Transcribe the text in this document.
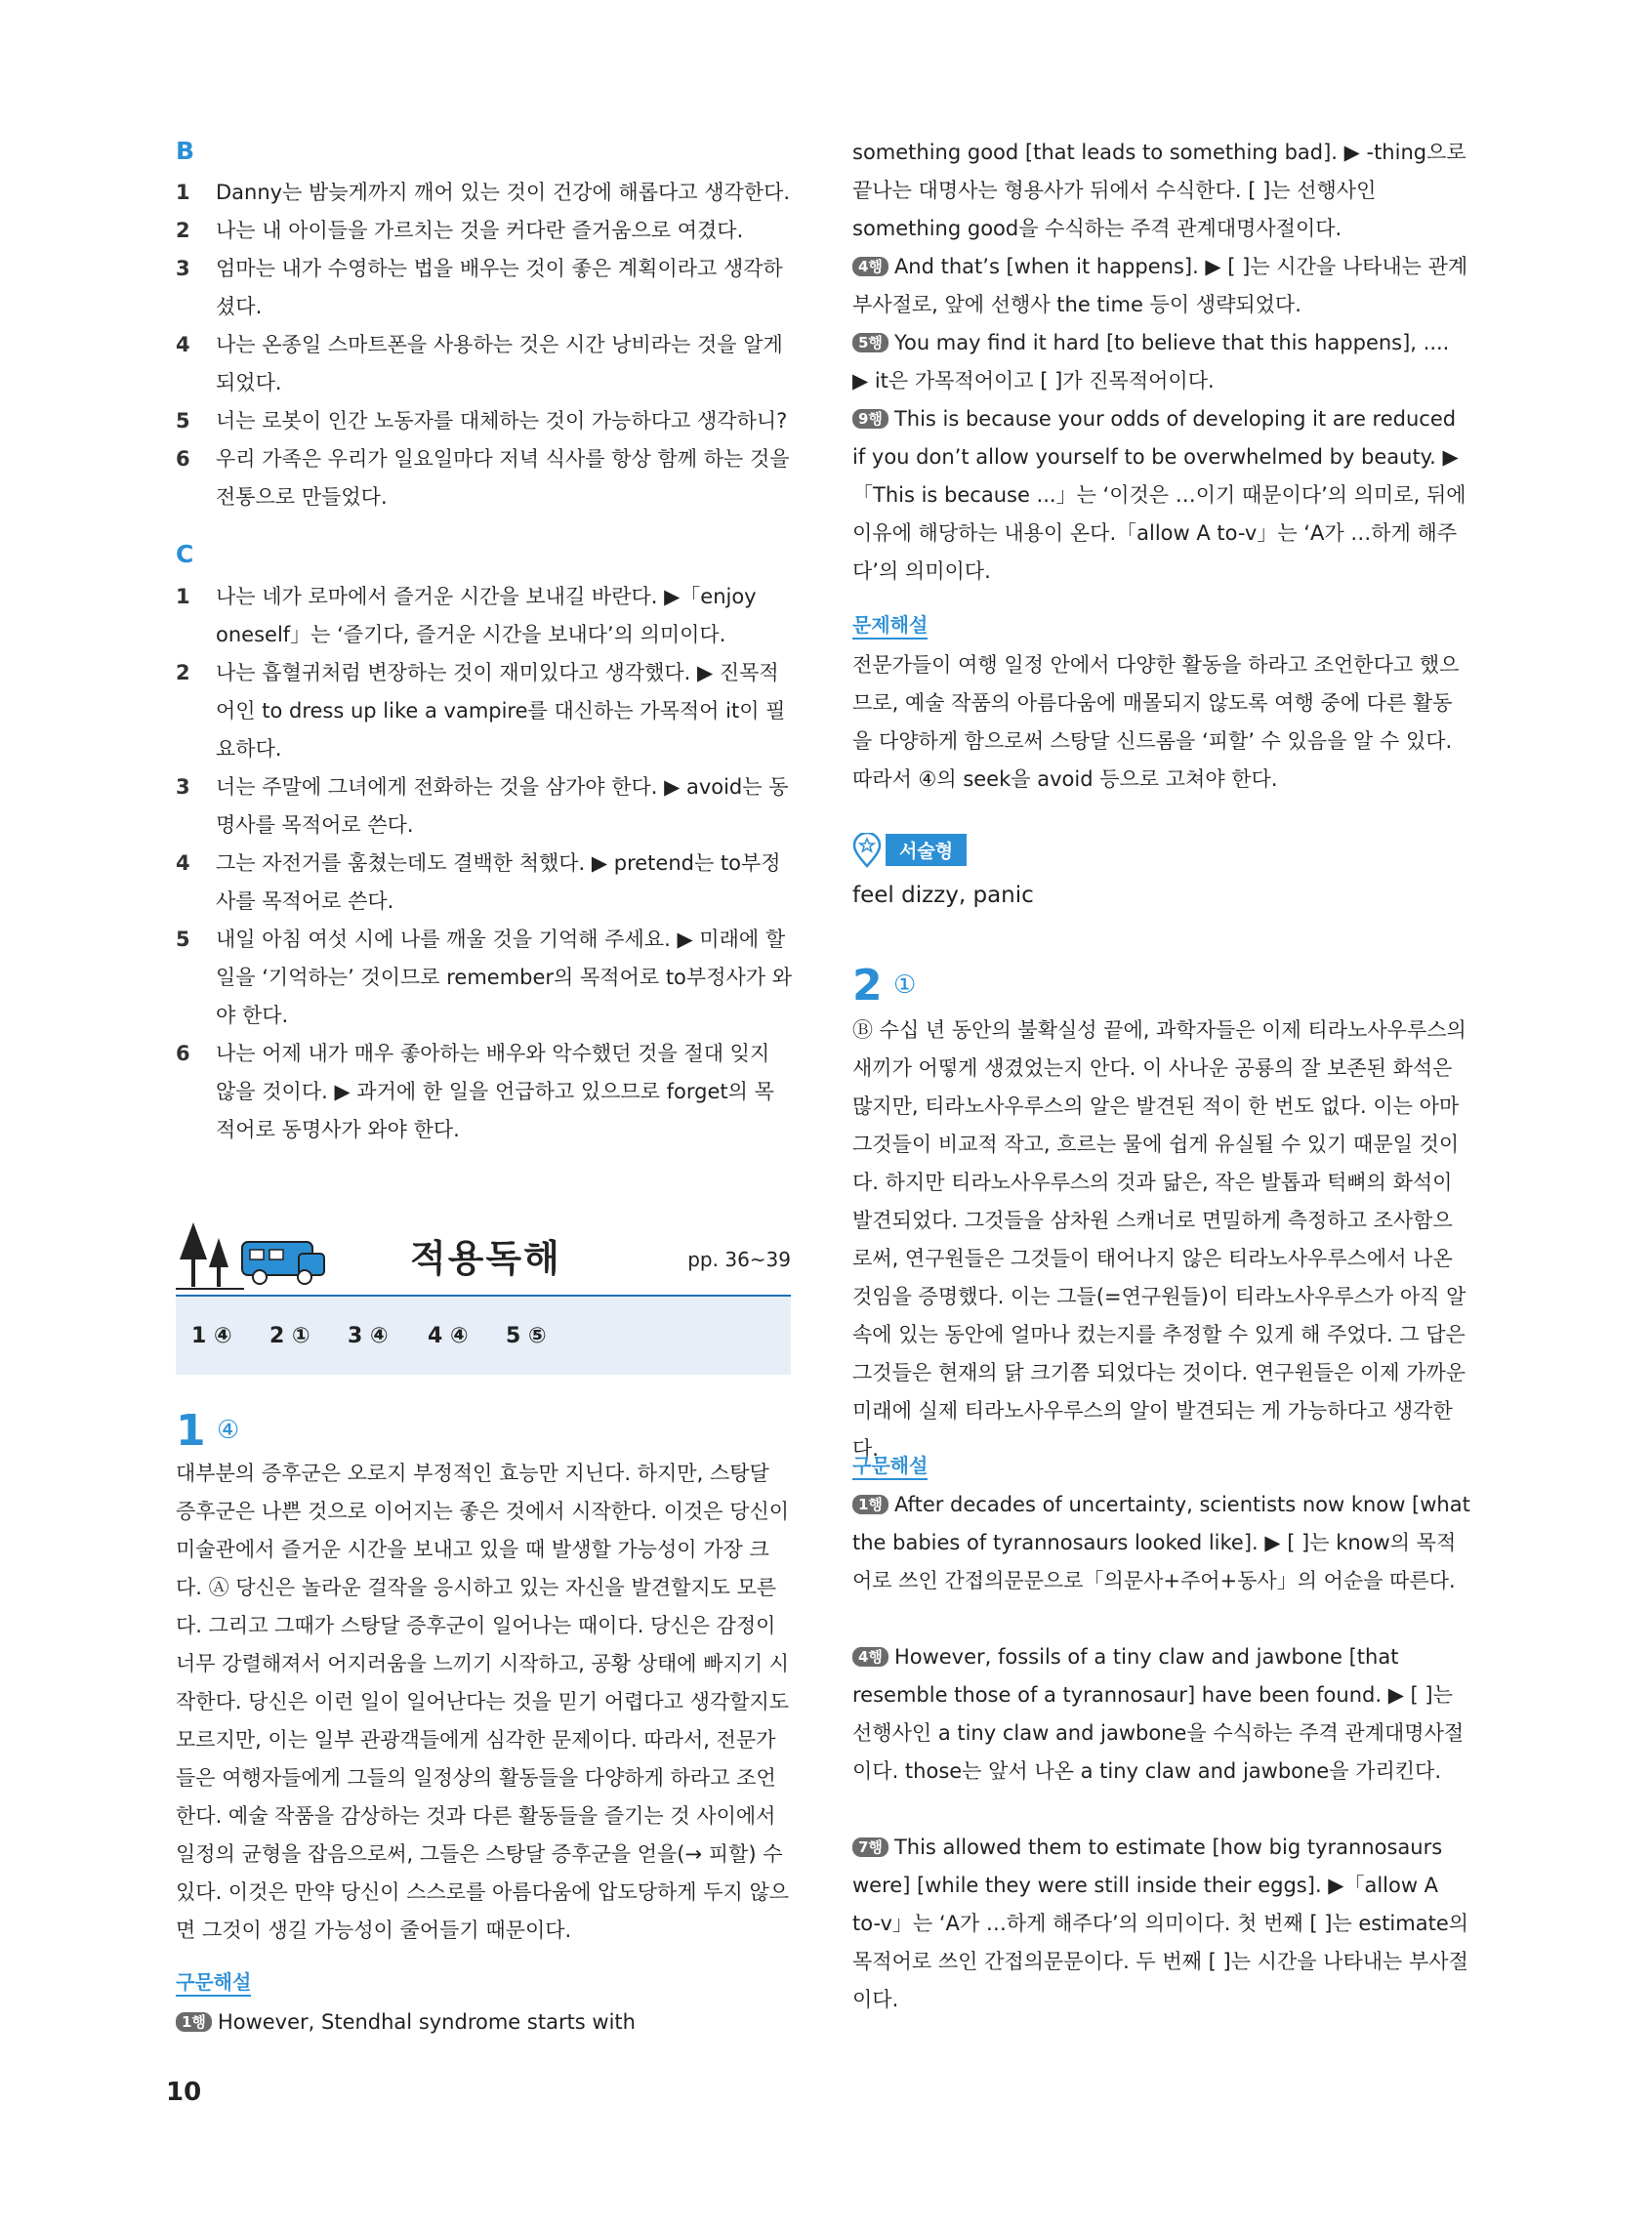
B
1 Danny는 밤늦게까지 깨어 있는 것이 건강에 해롭다고 생각한다.
2 나는 내 아이들을 가르치는 것을 커다란 즐거움으로 여겼다.
3 엄마는 내가 수영하는 법을 배우는 것이 좋은 계획이라고 생각하셨다.
4 나는 온종일 스마트폰을 사용하는 것은 시간 낭비라는 것을 알게 되었다.
5 너는 로봇이 인간 노동자를 대체하는 것이 가능하다고 생각하니?
6 우리 가족은 우리가 일요일마다 저녁 식사를 항상 함께 하는 것을 전통으로 만들었다.
C
1 나는 네가 로마에서 즐거운 시간을 보내길 바란다. ▶「enjoy oneself」는 ‘즐기다, 즐거운 시간을 보내다’의 의미이다.
2 나는 흡혈귀처럼 변장하는 것이 재미있다고 생각했다. ▶ 진목적어인 to dress up like a vampire를 대신하는 가목적어 it이 필요하다.
3 너는 주말에 그녀에게 전화하는 것을 삼가야 한다. ▶ avoid는 동명사를 목적어로 쓴다.
4 그는 자전거를 훔쳤는데도 결백한 척했다. ▶ pretend는 to부정사를 목적어로 쓴다.
5 내일 아침 여섯 시에 나를 깨울 것을 기억해 주세요. ▶ 미래에 할 일을 ‘기억하는’ 것이므로 remember의 목적어로 to부정사가 와야 한다.
6 나는 어제 내가 매우 좋아하는 배우와 악수했던 것을 절대 잊지 않을 것이다. ▶ 과거에 한 일을 언급하고 있으므로 forget의 목적어로 동명사가 와야 한다.
적용독해	pp. 36~39
1 ④ 2 ① 3 ④ 4 ④ 5 ⑤
1 ④
대부분의 증후군은 오로지 부정적인 효능만 지닌다. 하지만, 스탕달 증후군은 나쁜 것으로 이어지는 좋은 것에서 시작한다. 이것은 당신이 미술관에서 즐거운 시간을 보내고 있을 때 발생할 가능성이 가장 크다. Ⓐ 당신은 놀라운 걸작을 응시하고 있는 자신을 발견할지도 모른다. 그리고 그때가 스탕달 증후군이 일어나는 때이다. 당신은 감정이 너무 강렬해져서 어지러움을 느끼기 시작하고, 공황 상태에 빠지기 시작한다. 당신은 이런 일이 일어난다는 것을 믿기 어렵다고 생각할지도 모르지만, 이는 일부 관광객들에게 심각한 문제이다. 따라서, 전문가들은 여행자들에게 그들의 일정상의 활동들을 다양하게 하라고 조언한다. 예술 작품을 감상하는 것과 다른 활동들을 즐기는 것 사이에서 일정의 균형을 잡음으로써, 그들은 스탕달 증후군을 얻을(→ 피할) 수 있다. 이것은 만약 당신이 스스로를 아름다움에 압도당하게 두지 않으면 그것이 생길 가능성이 줄어들기 때문이다.
구문해설
1행 However, Stendhal syndrome starts with
10
something good [that leads to something bad]. ▶ -thing으로 끝나는 대명사는 형용사가 뒤에서 수식한다. [ ]는 선행사인 something good을 수식하는 주격 관계대명사절이다.
4행 And that’s [when it happens]. ▶ [ ]는 시간을 나타내는 관계부사절로, 앞에 선행사 the time 등이 생략되었다.
5행 You may find it hard [to believe that this happens], .... ▶ it은 가목적어이고 [ ]가 진목적어이다.
9행 This is because your odds of developing it are reduced if you don’t allow yourself to be overwhelmed by beauty. ▶「This is because ...」는 ‘이것은 …이기 때문이다’의 의미로, 뒤에 이유에 해당하는 내용이 온다.「allow A to-v」는 ‘A가 …하게 해주다’의 의미이다.
문제해설
전문가들이 여행 일정 안에서 다양한 활동을 하라고 조언한다고 했으므로, 예술 작품의 아름다움에 매몰되지 않도록 여행 중에 다른 활동을 다양하게 함으로써 스탕달 신드롬을 ‘피할’ 수 있음을 알 수 있다. 따라서 ④의 seek을 avoid 등으로 고쳐야 한다.
서술형
feel dizzy, panic
2 ①
Ⓑ 수십 년 동안의 불확실성 끝에, 과학자들은 이제 티라노사우루스의 새끼가 어떻게 생겼었는지 안다. 이 사나운 공룡의 잘 보존된 화석은 많지만, 티라노사우루스의 알은 발견된 적이 한 번도 없다. 이는 아마 그것들이 비교적 작고, 흐르는 물에 쉽게 유실될 수 있기 때문일 것이다. 하지만 티라노사우루스의 것과 닮은, 작은 발톱과 턱뼈의 화석이 발견되었다. 그것들을 삼차원 스캐너로 면밀하게 측정하고 조사함으로써, 연구원들은 그것들이 태어나지 않은 티라노사우루스에서 나온 것임을 증명했다. 이는 그들(=연구원들)이 티라노사우루스가 아직 알 속에 있는 동안에 얼마나 컸는지를 추정할 수 있게 해 주었다. 그 답은 그것들은 현재의 닭 크기쯤 되었다는 것이다. 연구원들은 이제 가까운 미래에 실제 티라노사우루스의 알이 발견되는 게 가능하다고 생각한다.
구문해설
1행 After decades of uncertainty, scientists now know [what the babies of tyrannosaurs looked like]. ▶ [ ]는 know의 목적어로 쓰인 간접의문문으로「의문사+주어+동사」의 어순을 따른다.
4행 However, fossils of a tiny claw and jawbone [that resemble those of a tyrannosaur] have been found. ▶ [ ]는 선행사인 a tiny claw and jawbone을 수식하는 주격 관계대명사절이다. those는 앞서 나온 a tiny claw and jawbone을 가리킨다.
7행 This allowed them to estimate [how big tyrannosaurs were] [while they were still inside their eggs]. ▶「allow A to-v」는 ‘A가 …하게 해주다’의 의미이다. 첫 번째 [ ]는 estimate의 목적어로 쓰인 간접의문문이다. 두 번째 [ ]는 시간을 나타내는 부사절이다.
